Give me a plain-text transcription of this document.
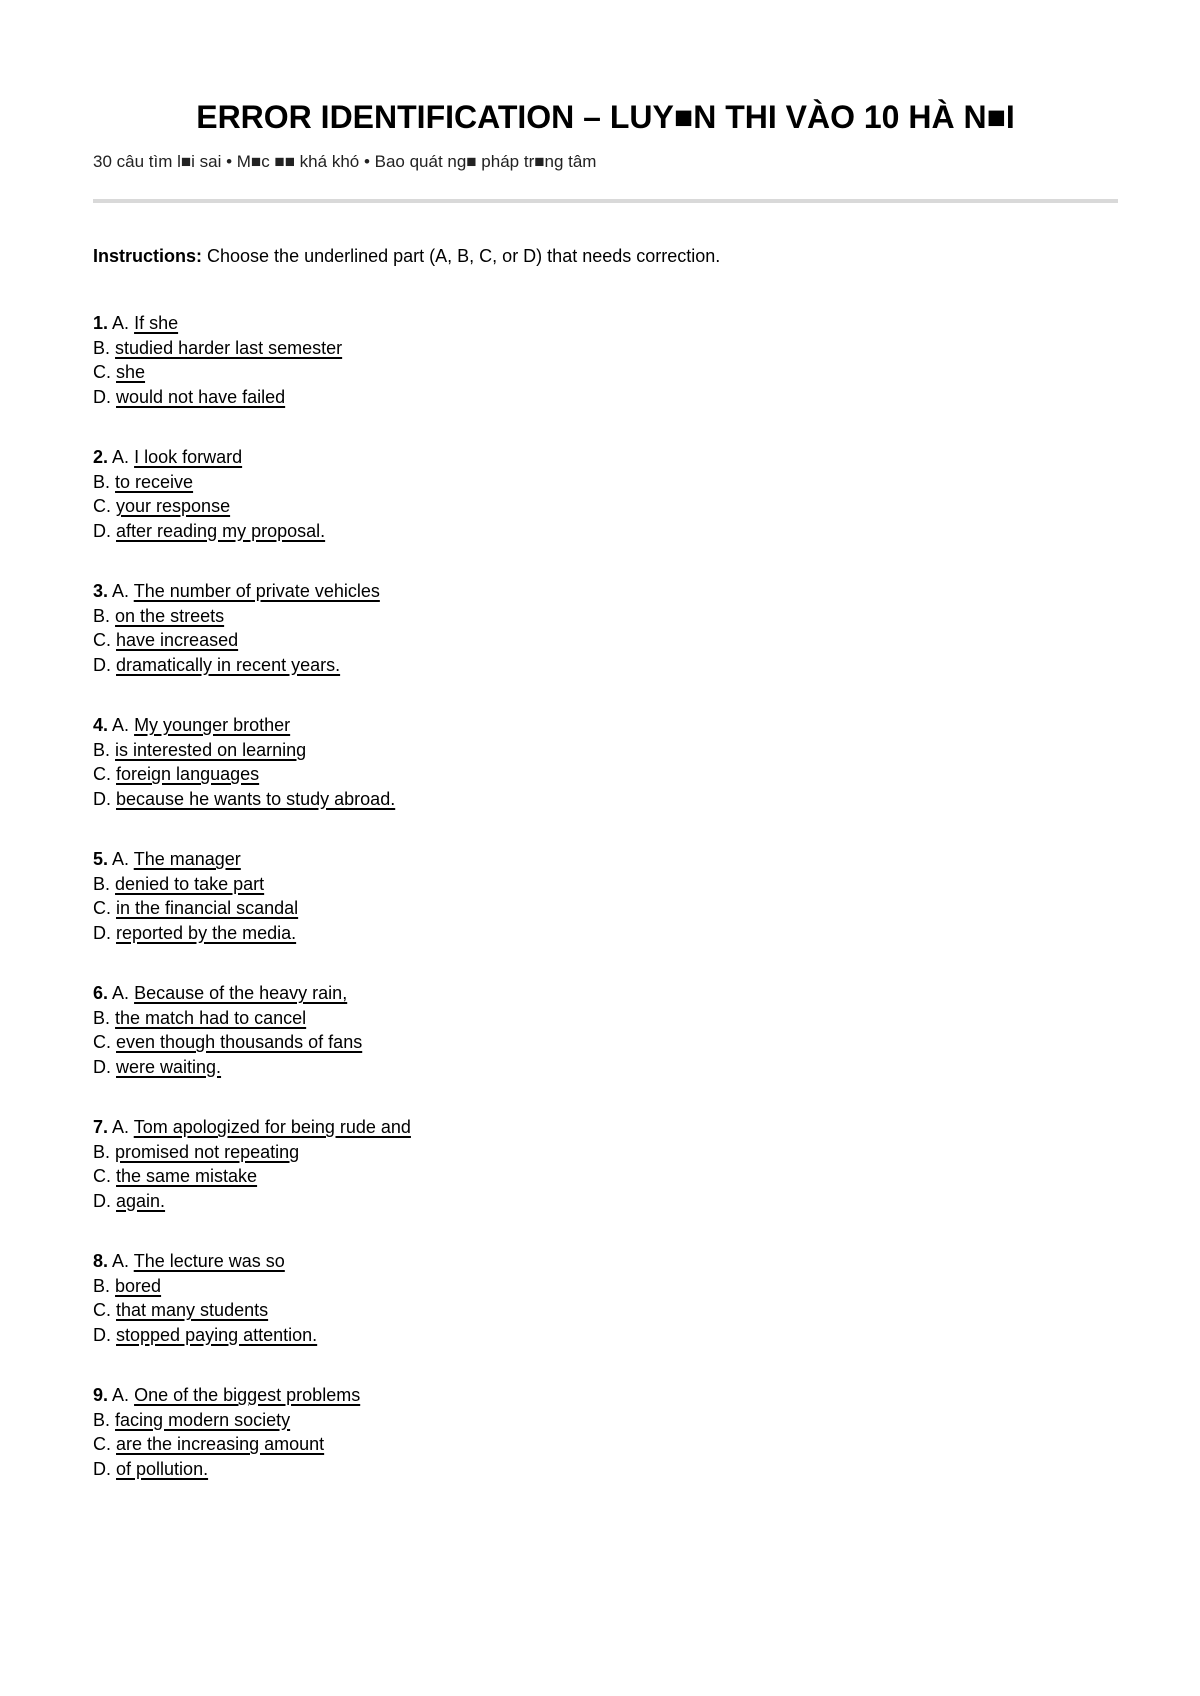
ERROR IDENTIFICATION – LUY■N THI VÀO 10 HÀ N■I
30 câu tìm l■i sai • M■c ■■ khá khó • Bao quát ng■ pháp tr■ng tâm
Instructions: Choose the underlined part (A, B, C, or D) that needs correction.
1. A. If she
B. studied harder last semester
C. she
D. would not have failed
2. A. I look forward
B. to receive
C. your response
D. after reading my proposal.
3. A. The number of private vehicles
B. on the streets
C. have increased
D. dramatically in recent years.
4. A. My younger brother
B. is interested on learning
C. foreign languages
D. because he wants to study abroad.
5. A. The manager
B. denied to take part
C. in the financial scandal
D. reported by the media.
6. A. Because of the heavy rain,
B. the match had to cancel
C. even though thousands of fans
D. were waiting.
7. A. Tom apologized for being rude and
B. promised not repeating
C. the same mistake
D. again.
8. A. The lecture was so
B. bored
C. that many students
D. stopped paying attention.
9. A. One of the biggest problems
B. facing modern society
C. are the increasing amount
D. of pollution.
